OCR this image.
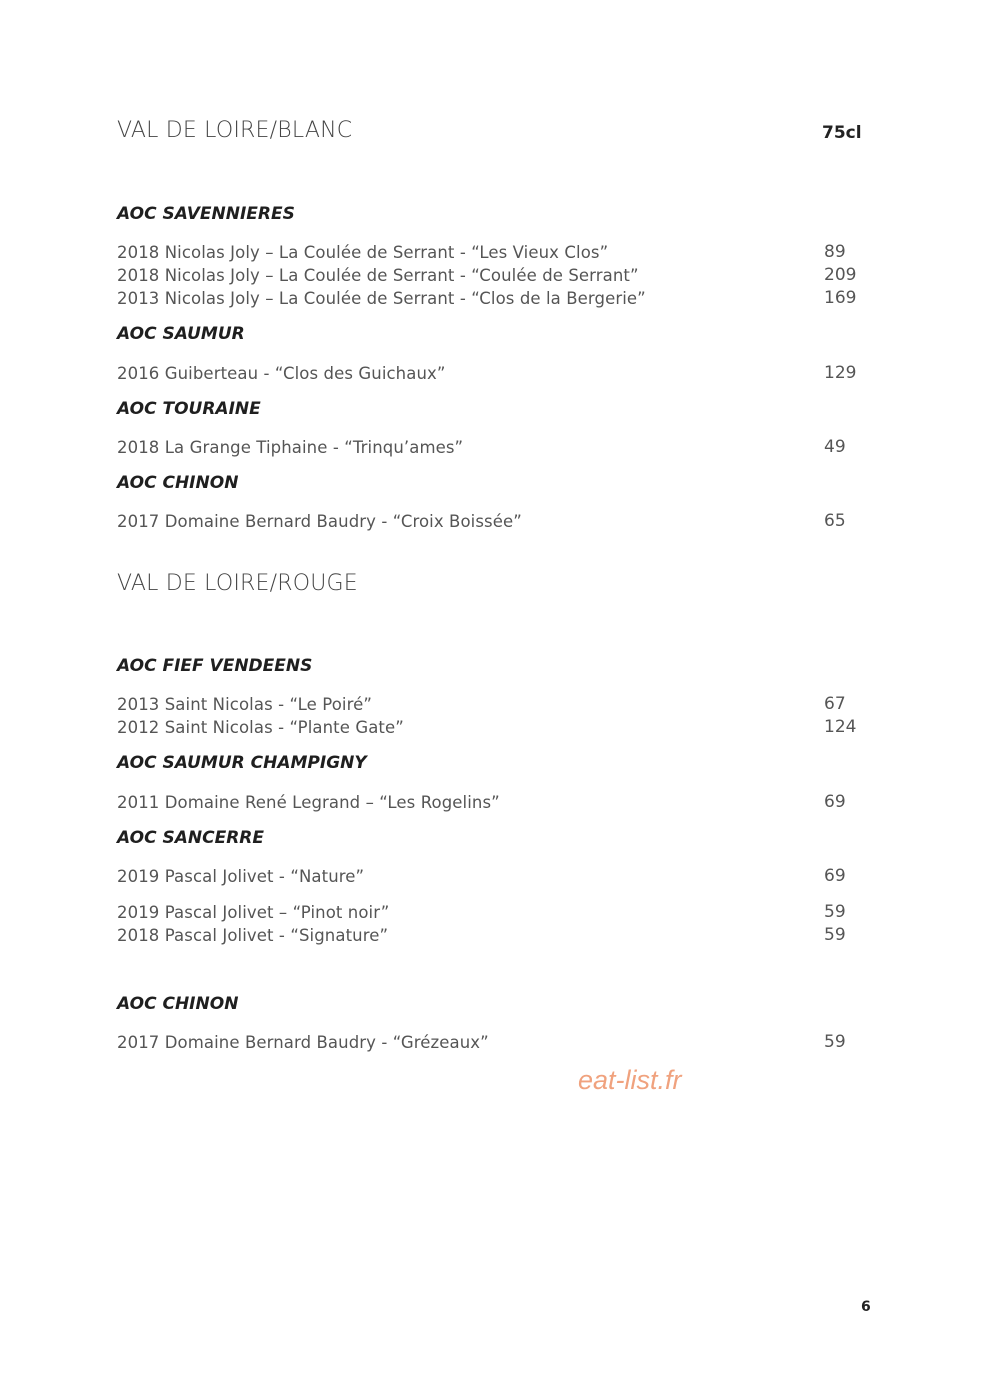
VAL DE LOIRE/BLANC	75cl
AOC SAVENNIERES
2018 Nicolas Joly – La Coulée de Serrant - “Les Vieux Clos”	89
2018 Nicolas Joly – La Coulée de Serrant - “Coulée de Serrant”	209
2013 Nicolas Joly – La Coulée de Serrant - “Clos de la Bergerie”	169
AOC SAUMUR
2016 Guiberteau - “Clos des Guichaux”	129
AOC TOURAINE
2018 La Grange Tiphaine - “Trinqu’ames”	49
AOC CHINON
2017 Domaine Bernard Baudry - “Croix Boissée”	65
VAL DE LOIRE/ROUGE
AOC FIEF VENDEENS
2013 Saint Nicolas - “Le Poiré”	67
2012 Saint Nicolas - “Plante Gate”	124
AOC SAUMUR CHAMPIGNY
2011 Domaine René Legrand – “Les Rogelins”	69
AOC SANCERRE
2019 Pascal Jolivet - “Nature”	69
2019 Pascal Jolivet – “Pinot noir”	59
2018 Pascal Jolivet - “Signature”	59
AOC CHINON
2017 Domaine Bernard Baudry - “Grézeaux”	59
eat-list.fr
6
